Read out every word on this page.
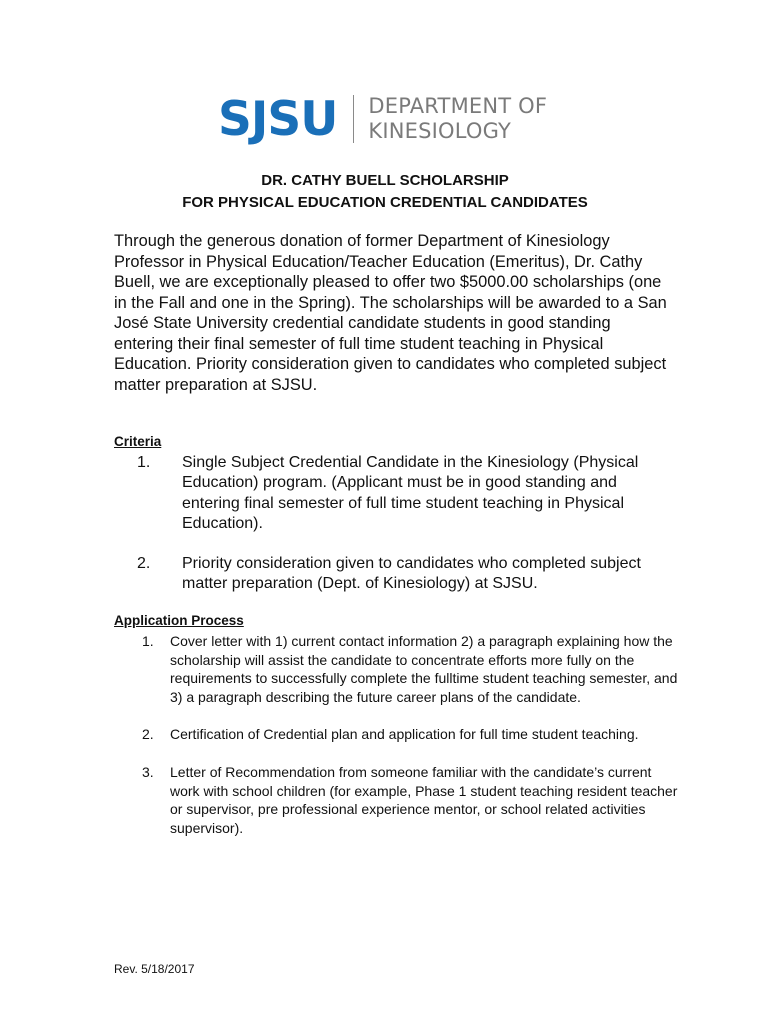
SJSU DEPARTMENT OF
KINESIOLOGY
DR. CATHY BUELL SCHOLARSHIP
FOR PHYSICAL EDUCATION CREDENTIAL CANDIDATES
Through the generous donation of former Department of Kinesiology Professor in Physical Education/Teacher Education (Emeritus), Dr. Cathy Buell, we are exceptionally pleased to offer two $5000.00 scholarships (one in the Fall and one in the Spring). The scholarships will be awarded to a San José State University credential candidate students in good standing entering their final semester of full time student teaching in Physical Education. Priority consideration given to candidates who completed subject matter preparation at SJSU.
Criteria
1. Single Subject Credential Candidate in the Kinesiology (Physical Education) program. (Applicant must be in good standing and entering final semester of full time student teaching in Physical Education).
2. Priority consideration given to candidates who completed subject matter preparation (Dept. of Kinesiology) at SJSU.
Application Process
1. Cover letter with 1) current contact information 2) a paragraph explaining how the scholarship will assist the candidate to concentrate efforts more fully on the requirements to successfully complete the fulltime student teaching semester, and 3) a paragraph describing the future career plans of the candidate.
2. Certification of Credential plan and application for full time student teaching.
3. Letter of Recommendation from someone familiar with the candidate’s current work with school children (for example, Phase 1 student teaching resident teacher or supervisor, pre professional experience mentor, or school related activities supervisor).
Rev. 5/18/2017
